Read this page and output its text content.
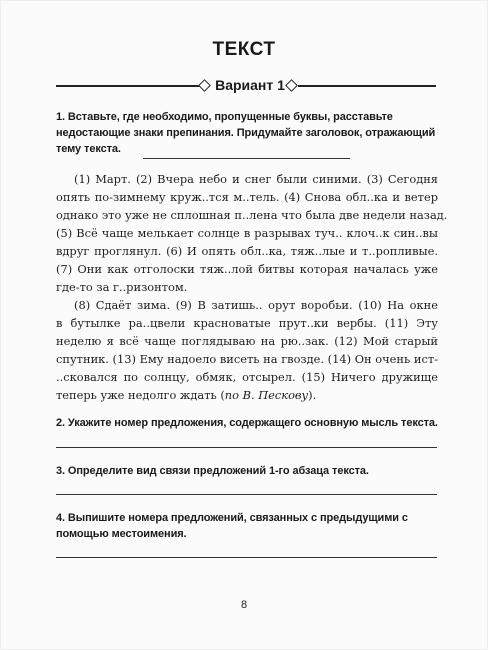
ТЕКСТ
Вариант 1
1. Вставьте, где необходимо, пропущенные буквы, расставьте недостающие знаки препинания. Придумайте заголовок, отражающий тему текста.
(1) Март. (2) Вчера небо и снег были синими. (3) Сегодня
опять по-зимнему круж..тся м..тель. (4) Снова обл..ка и ветер
однако это уже не сплошная п..лена что была две недели назад.
(5) Всё чаще мелькает солнце в разрывах туч.. клоч..к син..вы
вдруг проглянул. (6) И опять обл..ка, тяж..лые и т..ропливые.
(7) Они как отголоски тяж..лой битвы которая началась уже
где-то за г..ризонтом.
(8) Сдаёт зима. (9) В затишь.. орут воробьи. (10) На окне
в бутылке ра..цвели красноватые прут..ки вербы. (11) Эту
неделю я всё чаще поглядываю на рю..зак. (12) Мой старый
спутник. (13) Ему надоело висеть на гвозде. (14) Он очень ист-
..сковался по солнцу, обмяк, отсырел. (15) Ничего дружище
теперь уже недолго ждать (по В. Пескову).
2. Укажите номер предложения, содержащего основную мысль текста.
3. Определите вид связи предложений 1-го абзаца текста.
4. Выпишите номера предложений, связанных с предыдущими с помощью местоимения.
8
